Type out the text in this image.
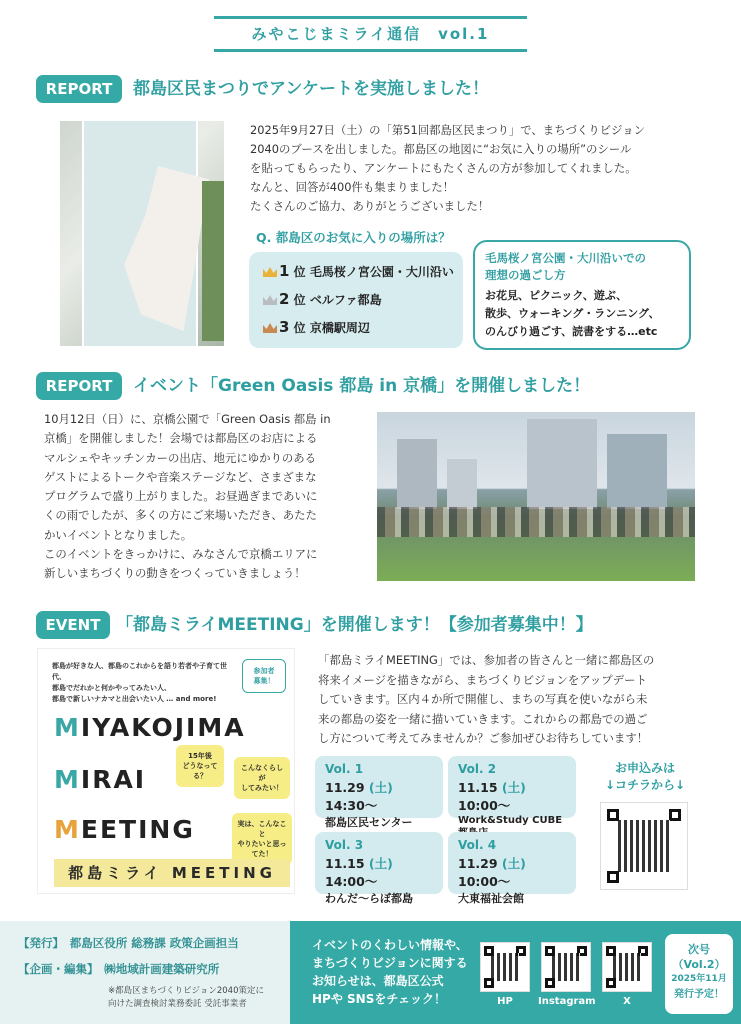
みやこじまミライ通信　vol.1
REPORT	都島区民まつりでアンケートを実施しました！
2025年9月27日（土）の「第51回都島区民まつり」で、まちづくりビジョン
2040のブースを出しました。都島区の地図に“お気に入りの場所”のシール
を貼ってもらったり、アンケートにもたくさんの方が参加してくれました。
なんと、回答が400件も集まりました！
たくさんのご協力、ありがとうございました！
Q. 都島区のお気に入りの場所は？
1 位 毛馬桜ノ宮公園・大川沿い
2 位 ベルファ都島
3 位 京橋駅周辺
毛馬桜ノ宮公園・大川沿いでの
理想の過ごし方
お花見、ピクニック、遊ぶ、
散歩、ウォーキング・ランニング、
のんびり過ごす、読書をする…etc
REPORT	イベント「Green Oasis 都島 in 京橋」を開催しました！
10月12日（日）に、京橋公園で「Green Oasis 都島 in
京橋」を開催しました！会場では都島区のお店による
マルシェやキッチンカーの出店、地元にゆかりのある
ゲストによるトークや音楽ステージなど、さまざまな
プログラムで盛り上がりました。お昼過ぎまであいに
くの雨でしたが、多くの方にご来場いただき、あたた
かいイベントとなりました。
このイベントをきっかけに、みなさんで京橋エリアに
新しいまちづくりの動きをつくっていきましょう！
EVENT 「都島ミライMEETING」を開催します！【参加者募集中！】
都島が好きな人、都島のこれからを語り若者や子育て世代、
都島でだれかと何かやってみたい人、
都島で新しいナカマと出会いたい人 … and more!
参加者
募集！
MIYAKOJIMA
MIRAI
MEETING
こんなくらしが
してみたい！
15年後
どうなってる？
実は、こんなこと
やりたいと思ってた！
都島ミライ MEETING
「都島ミライMEETING」では、参加者の皆さんと一緒に都島区の
将来イメージを描きながら、まちづくりビジョンをアップデート
していきます。区内４か所で開催し、まちの写真を使いながら未
来の都島の姿を一緒に描いていきます。これからの都島での過ご
し方について考えてみませんか？ご参加ぜひお待ちしています！
Vol. 1
11.29 (土) 14:30〜
都島区民センター
Vol. 2
11.15 (土) 10:00〜
Work&Study CUBE

Vol. 3
11.15 (土) 14:00〜
わんだ〜らぼ都島
Vol. 4
11.29 (土) 10:00〜
大東福祉会館
お申込みは
↓コチラから↓
【発行】　 都島区役所 総務課 政策企画担当
【企画・編集】　 ㈱地域計画建築研究所
※都島区まちづくりビジョン2040策定に
向けた調査検討業務委託 受託事業者
イベントのくわしい情報や、
まちづくりビジョンに関する
お知らせは、都島区公式
HPや SNSをチェック！	HP	Instagram	X
次号
（Vol.2）
2025年11月
発行予定！
